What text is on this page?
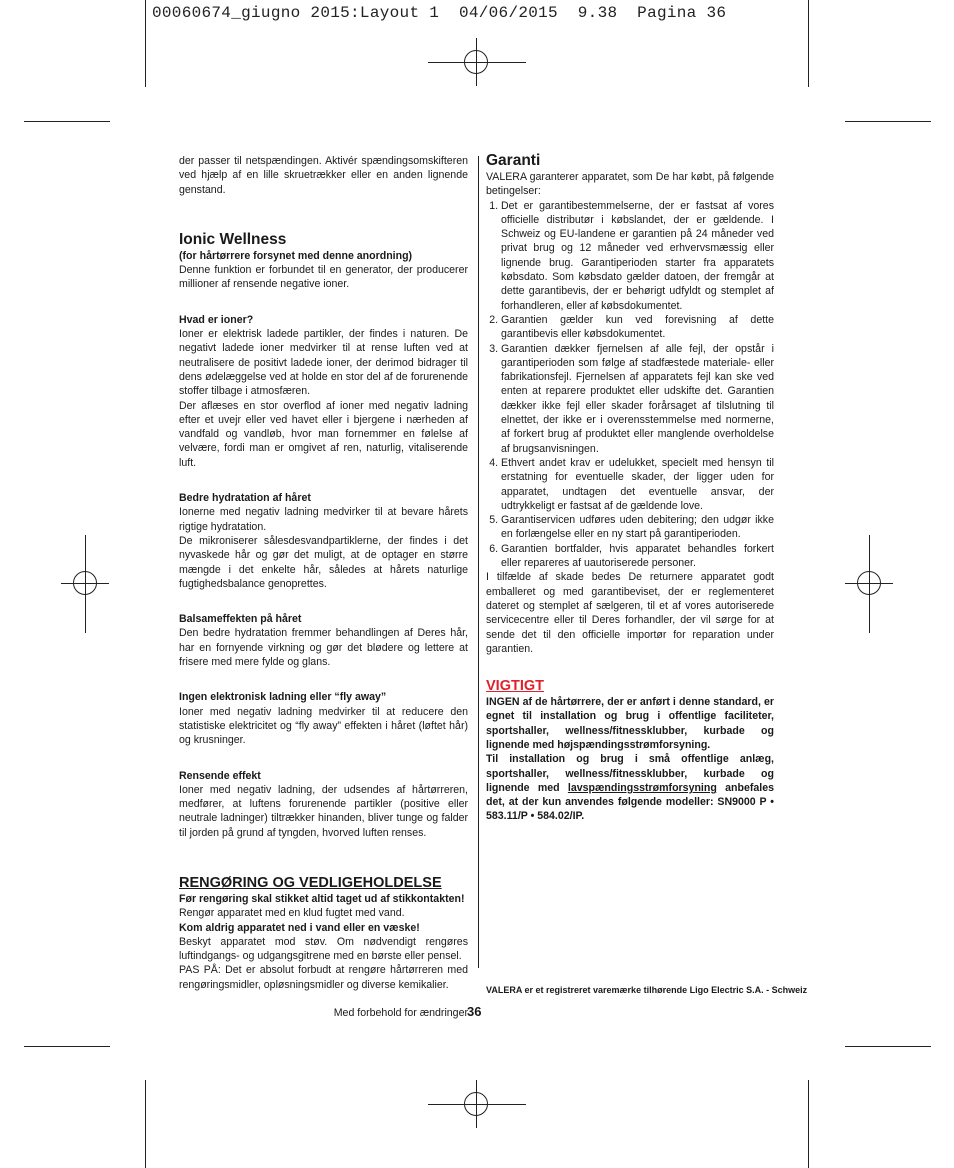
00060674_giugno 2015:Layout 1  04/06/2015  9.38  Pagina 36

der passer til netspændingen. Aktivér spændingsomskifteren ved hjælp af en lille skruetrækker eller en anden lignende genstand.

Ionic Wellness

(for hårtørrere forsynet med denne anordning)

Denne funktion er forbundet til en generator, der producerer millioner af rensende negative ioner.

Hvad er ioner?

Ioner er elektrisk ladede partikler, der findes i naturen. De negativt ladede ioner medvirker til at rense luften ved at neutralisere de positivt ladede ioner, der derimod bidrager til dens ødelæggelse ved at holde en stor del af de forurenende stoffer tilbage i atmosfæren.

Der aflæses en stor overflod af ioner med negativ ladning efter et uvejr eller ved havet eller i bjergene i nærheden af vandfald og vandløb, hvor man fornemmer en følelse af velvære, fordi man er omgivet af ren, naturlig, vitaliserende luft.

Bedre hydratation af håret

Ionerne med negativ ladning medvirker til at bevare hårets rigtige hydratation.

De mikroniserer sålesdesvandpartiklerne, der findes i det nyvaskede hår og gør det muligt, at de optager en større mængde i det enkelte hår, således at hårets naturlige fugtighedsbalance genoprettes.

Balsameffekten på håret

Den bedre hydratation fremmer behandlingen af Deres hår, har en fornyende virkning og gør det blødere og lettere at frisere med mere fylde og glans.

Ingen elektronisk ladning eller “fly away”

Ioner med negativ ladning medvirker til at reducere den statistiske elektricitet og “fly away” effekten i håret (løftet hår) og krusninger.

Rensende effekt

Ioner med negativ ladning, der udsendes af hårtørreren, medfører, at luftens forurenende partikler (positive eller neutrale ladninger) tiltrækker hinanden, bliver tunge og falder til jorden på grund af tyngden, hvorved luften renses.

RENGØRING OG VEDLIGEHOLDELSE

Før rengøring skal stikket altid taget ud af stikkontakten!

Rengør apparatet med en klud fugtet med vand.

Kom aldrig apparatet ned i vand eller en væske!

Beskyt apparatet mod støv. Om nødvendigt rengøres luftindgangs- og udgangsgitrene med en børste eller pensel.

PAS PÅ: Det er absolut forbudt at rengøre hårtørreren med rengøringsmidler, opløsningsmidler og diverse kemikalier.

Med forbehold for ændringer

Garanti

VALERA garanterer apparatet, som De har købt, på følgende betingelser:

1. Det er garantibestemmelserne, der er fastsat af vores officielle distributør i købslandet, der er gældende. I Schweiz og EU-landene er garantien på 24 måneder ved privat brug og 12 måneder ved erhvervsmæssig eller lignende brug. Garantiperioden starter fra apparatets købsdato. Som købsdato gælder datoen, der fremgår at dette garantibevis, der er behørigt udfyldt og stemplet af forhandleren, eller af købsdokumentet.
2. Garantien gælder kun ved forevisning af dette garantibevis eller købsdokumentet.
3. Garantien dækker fjernelsen af alle fejl, der opstår i garantiperioden som følge af stadfæstede materiale- eller fabrikationsfejl. Fjernelsen af apparatets fejl kan ske ved enten at reparere produktet eller udskifte det. Garantien dækker ikke fejl eller skader forårsaget af tilslutning til elnettet, der ikke er i overensstemmelse med normerne, af forkert brug af produktet eller manglende overholdelse af brugsanvisningen.
4. Ethvert andet krav er udelukket, specielt med hensyn til erstatning for eventuelle skader, der ligger uden for apparatet, undtagen det eventuelle ansvar, der udtrykkeligt er fastsat af de gældende love.
5. Garantiservicen udføres uden debitering; den udgør ikke en forlængelse eller en ny start på garantiperioden.
6. Garantien bortfalder, hvis apparatet behandles forkert eller repareres af uautoriserede personer.

I tilfælde af skade bedes De returnere apparatet godt emballeret og med garantibeviset, der er reglementeret dateret og stemplet af sælgeren, til et af vores autoriserede servicecentre eller til Deres forhandler, der vil sørge for at sende det til den officielle importør for reparation under garantien.

VIGTIGT

INGEN af de hårtørrere, der er anført i denne standard, er egnet til installation og brug i offentlige faciliteter, sportshaller, wellness/fitnessklubber, kurbade og lignende med højspændingsstrømforsyning.

Til installation og brug i små offentlige anlæg, sportshaller, wellness/fitnessklubber, kurbade og lignende med lavspændingsstrømforsyning anbefales det, at der kun anvendes følgende modeller: SN9000 P • 583.11/P • 584.02/IP.

VALERA er et registreret varemærke tilhørende Ligo Electric S.A. - Schweiz
36
